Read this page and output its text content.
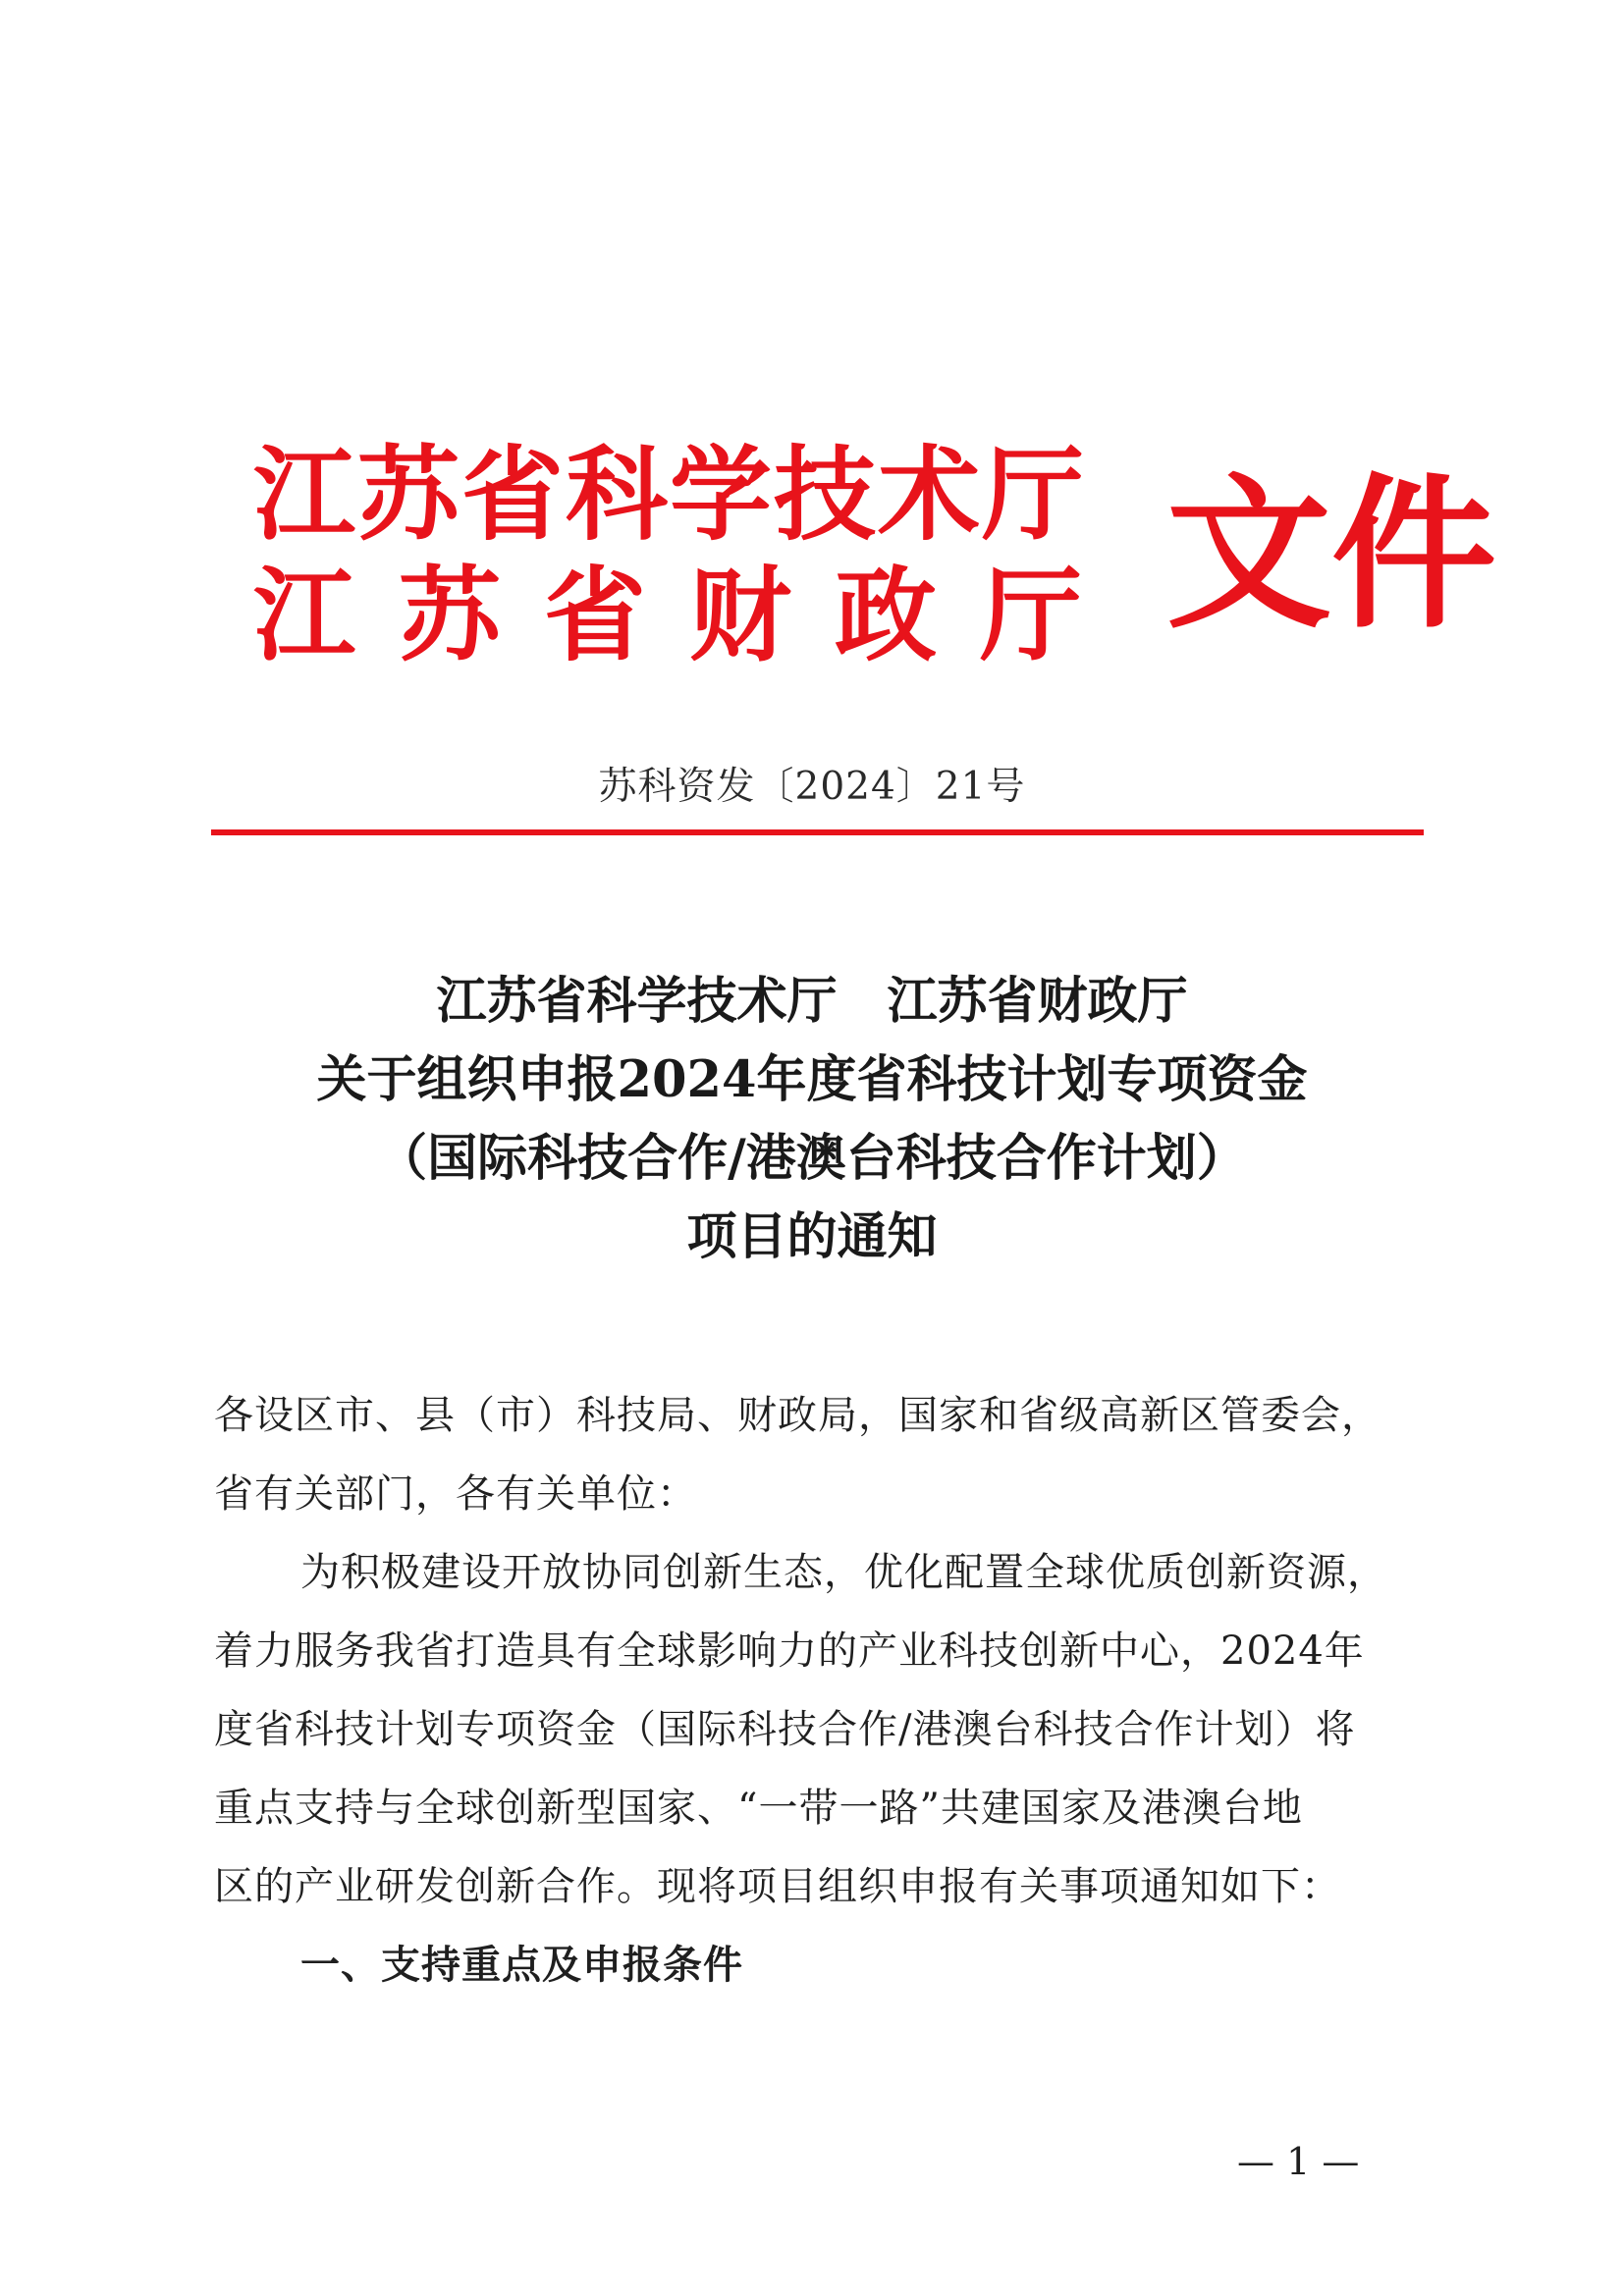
江苏省科学技术厅
江苏省财政厅 文件
苏科资发〔2024〕21号
江苏省科学技术厅　江苏省财政厅
关于组织申报2024年度省科技计划专项资金
（国际科技合作/港澳台科技合作计划）
项目的通知
各设区市、县（市）科技局、财政局，国家和省级高新区管委会，
省有关部门，各有关单位：
为积极建设开放协同创新生态，优化配置全球优质创新资源，
着力服务我省打造具有全球影响力的产业科技创新中心，2024年
度省科技计划专项资金（国际科技合作/港澳台科技合作计划）将
重点支持与全球创新型国家、“一带一路”共建国家及港澳台地
区的产业研发创新合作。现将项目组织申报有关事项通知如下：
一、支持重点及申报条件
— 1 —
